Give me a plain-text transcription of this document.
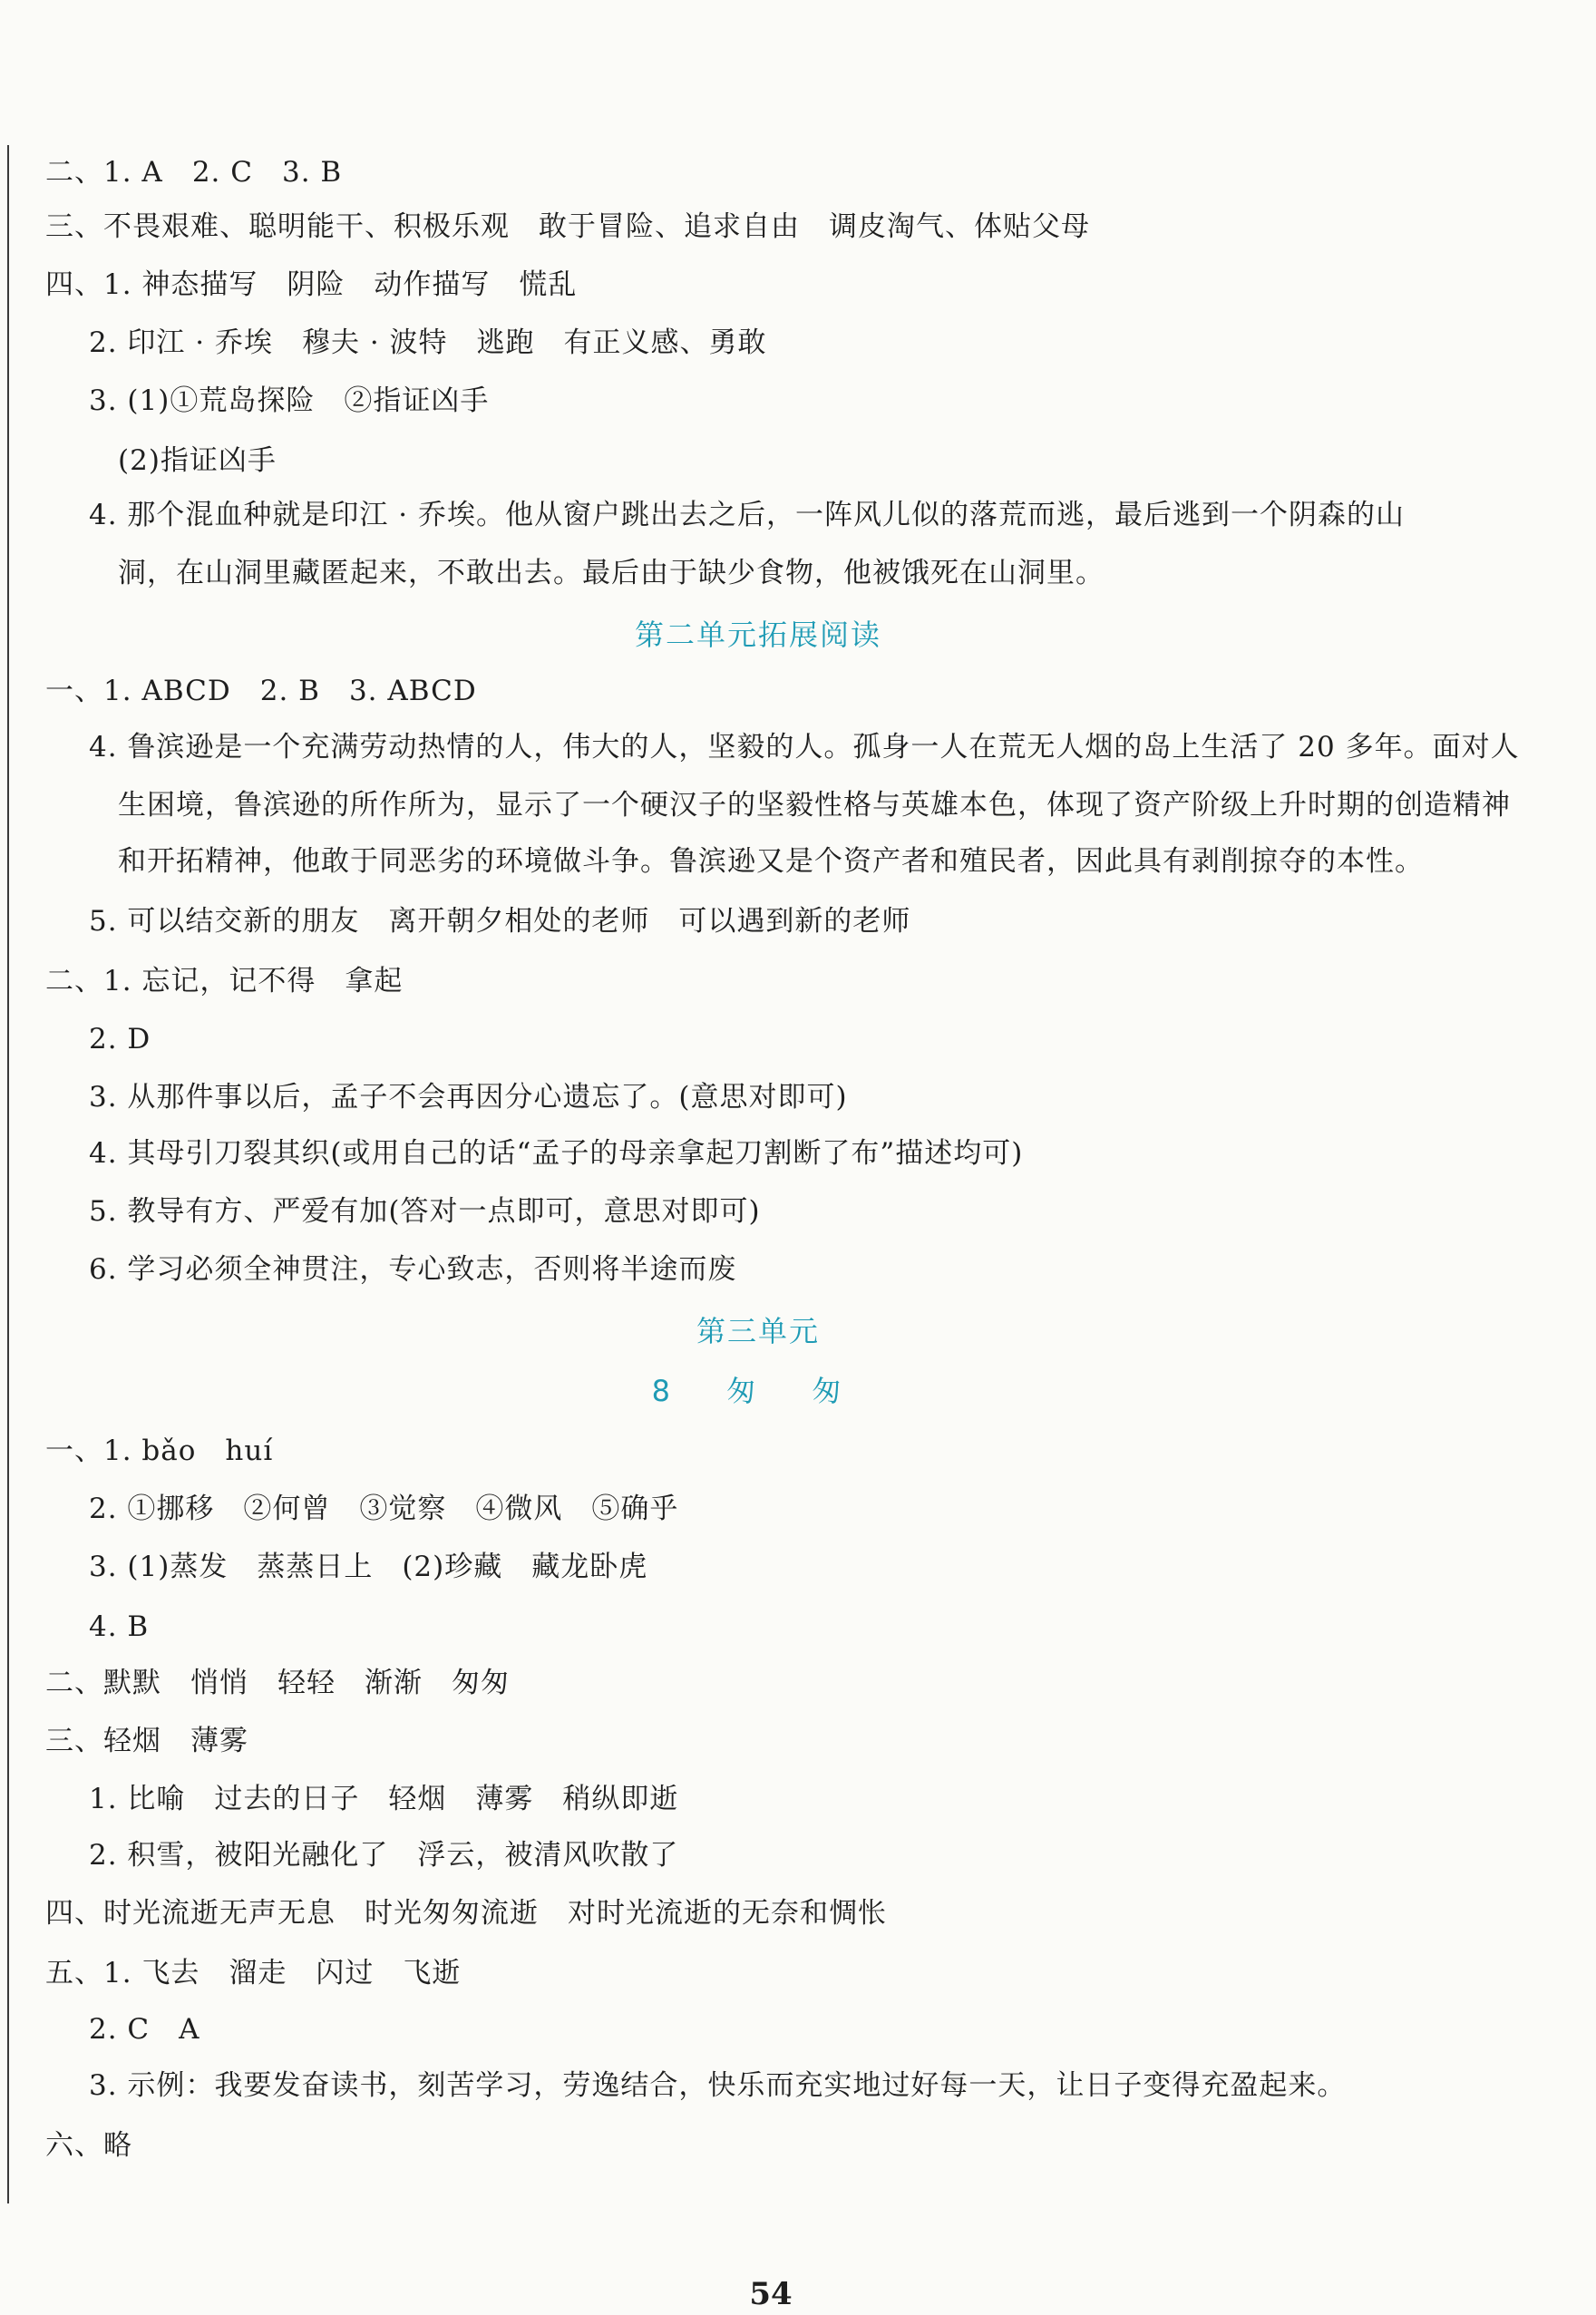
二、1. A　2. C　3. B
三、不畏艰难、聪明能干、积极乐观　敢于冒险、追求自由　调皮淘气、体贴父母
四、1. 神态描写　阴险　动作描写　慌乱
2. 印江 · 乔埃　穆夫 · 波特　逃跑　有正义感、勇敢
3. (1)①荒岛探险　②指证凶手
(2)指证凶手
4. 那个混血种就是印江 · 乔埃。他从窗户跳出去之后，一阵风儿似的落荒而逃，最后逃到一个阴森的山
洞，在山洞里藏匿起来，不敢出去。最后由于缺少食物，他被饿死在山洞里。
第二单元拓展阅读
一、1. ABCD　2. B　3. ABCD
4. 鲁滨逊是一个充满劳动热情的人，伟大的人，坚毅的人。孤身一人在荒无人烟的岛上生活了 20 多年。面对人
生困境，鲁滨逊的所作所为，显示了一个硬汉子的坚毅性格与英雄本色，体现了资产阶级上升时期的创造精神
和开拓精神，他敢于同恶劣的环境做斗争。鲁滨逊又是个资产者和殖民者，因此具有剥削掠夺的本性。
5. 可以结交新的朋友　离开朝夕相处的老师　可以遇到新的老师
二、1. 忘记，记不得　拿起
2. D
3. 从那件事以后，孟子不会再因分心遗忘了。(意思对即可)
4. 其母引刀裂其织(或用自己的话“孟子的母亲拿起刀割断了布”描述均可)
5. 教导有方、严爱有加(答对一点即可，意思对即可)
6. 学习必须全神贯注，专心致志，否则将半途而废
第三单元
8 匆 匆
一、1. bǎo　huí
2. ①挪移　②何曾　③觉察　④微风　⑤确乎
3. (1)蒸发　蒸蒸日上　(2)珍藏　藏龙卧虎
4. B
二、默默　悄悄　轻轻　渐渐　匆匆
三、轻烟　薄雾
1. 比喻　过去的日子　轻烟　薄雾　稍纵即逝
2. 积雪，被阳光融化了　浮云，被清风吹散了
四、时光流逝无声无息　时光匆匆流逝　对时光流逝的无奈和惆怅
五、1. 飞去　溜走　闪过　飞逝
2. C　A
3. 示例：我要发奋读书，刻苦学习，劳逸结合，快乐而充实地过好每一天，让日子变得充盈起来。
六、略
54
